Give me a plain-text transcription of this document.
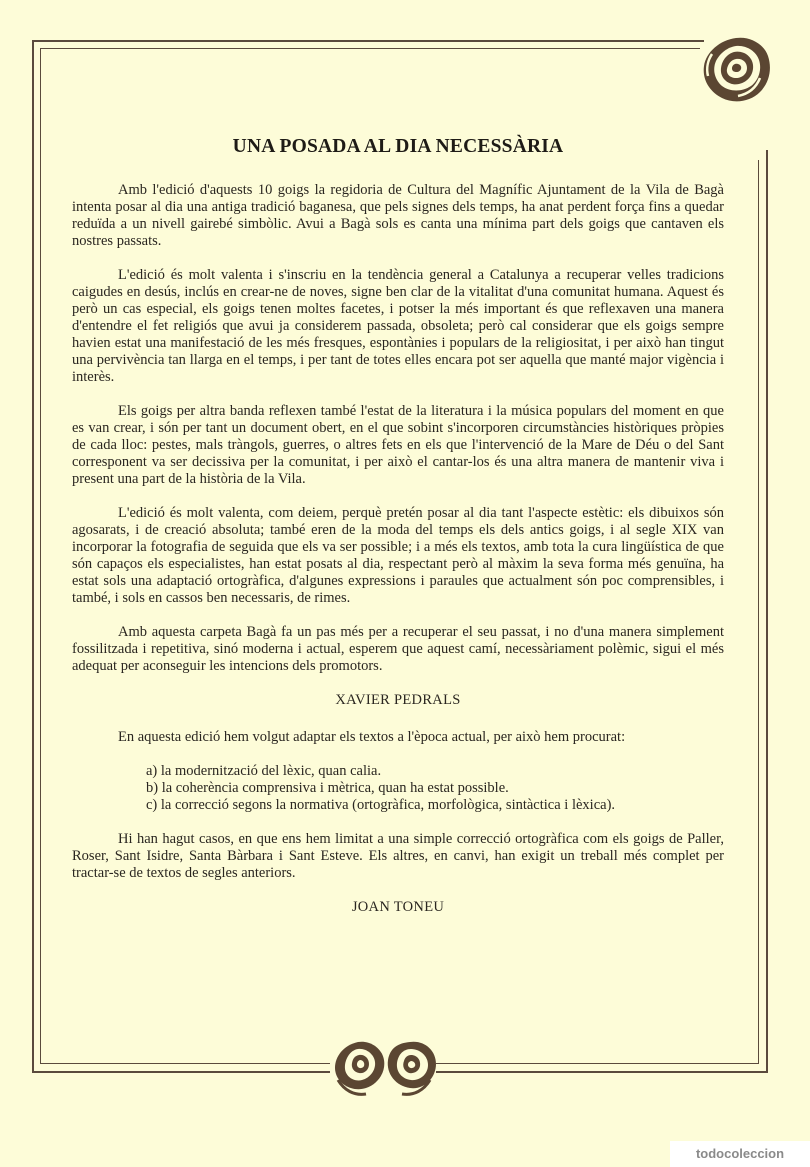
UNA POSADA AL DIA NECESSÀRIA

Amb l'edició d'aquests 10 goigs la regidoria de Cultura del Magnífic Ajuntament de la Vila de Bagà intenta posar al dia una antiga tradició baganesa, que pels signes dels temps, ha anat perdent força fins a quedar reduïda a un nivell gairebé simbòlic. Avui a Bagà sols es canta una mínima part dels goigs que cantaven els nostres passats.

L'edició és molt valenta i s'inscriu en la tendència general a Catalunya a recuperar velles tradicions caigudes en desús, inclús en crear-ne de noves, signe ben clar de la vitalitat d'una comunitat humana. Aquest és però un cas especial, els goigs tenen moltes facetes, i potser la més important és que reflexaven una manera d'entendre el fet religiós que avui ja considerem passada, obsoleta; però cal considerar que els goigs sempre havien estat una manifestació de les més fresques, espontànies i populars de la religiositat, i per això han tingut una pervivència tan llarga en el temps, i per tant de totes elles encara pot ser aquella que manté major vigència i interès.

Els goigs per altra banda reflexen també l'estat de la literatura i la música populars del moment en que es van crear, i són per tant un document obert, en el que sobint s'incorporen circumstàncies històriques pròpies de cada lloc: pestes, mals tràngols, guerres, o altres fets en els que l'intervenció de la Mare de Déu o del Sant corresponent va ser decissiva per la comunitat, i per això el cantar-los és una altra manera de mantenir viva i present una part de la història de la Vila.

L'edició és molt valenta, com deiem, perquè pretén posar al dia tant l'aspecte estètic: els dibuixos són agosarats, i de creació absoluta; també eren de la moda del temps els dels antics goigs, i al segle XIX van incorporar la fotografia de seguida que els va ser possible; i a més els textos, amb tota la cura lingüística de que són capaços els especialistes, han estat posats al dia, respectant però al màxim la seva forma més genuïna, ha estat sols una adaptació ortogràfica, d'algunes expressions i paraules que actualment són poc comprensibles, i també, i sols en cassos ben necessaris, de rimes.

Amb aquesta carpeta Bagà fa un pas més per a recuperar el seu passat, i no d'una manera simplement fossilitzada i repetitiva, sinó moderna i actual, esperem que aquest camí, necessàriament polèmic, sigui el més adequat per aconseguir les intencions dels promotors.

XAVIER PEDRALS

En aquesta edició hem volgut adaptar els textos a l'època actual, per això hem procurat:

a) la modernització del lèxic, quan calia.
b) la coherència comprensiva i mètrica, quan ha estat possible.
c) la correcció segons la normativa (ortogràfica, morfològica, sintàctica i lèxica).

Hi han hagut casos, en que ens hem limitat a una simple correcció ortogràfica com els goigs de Paller, Roser, Sant Isidre, Santa Bàrbara i Sant Esteve. Els altres, en canvi, han exigit un treball més complet per tractar-se de textos de segles anteriors.

JOAN TONEU
todocoleccion
